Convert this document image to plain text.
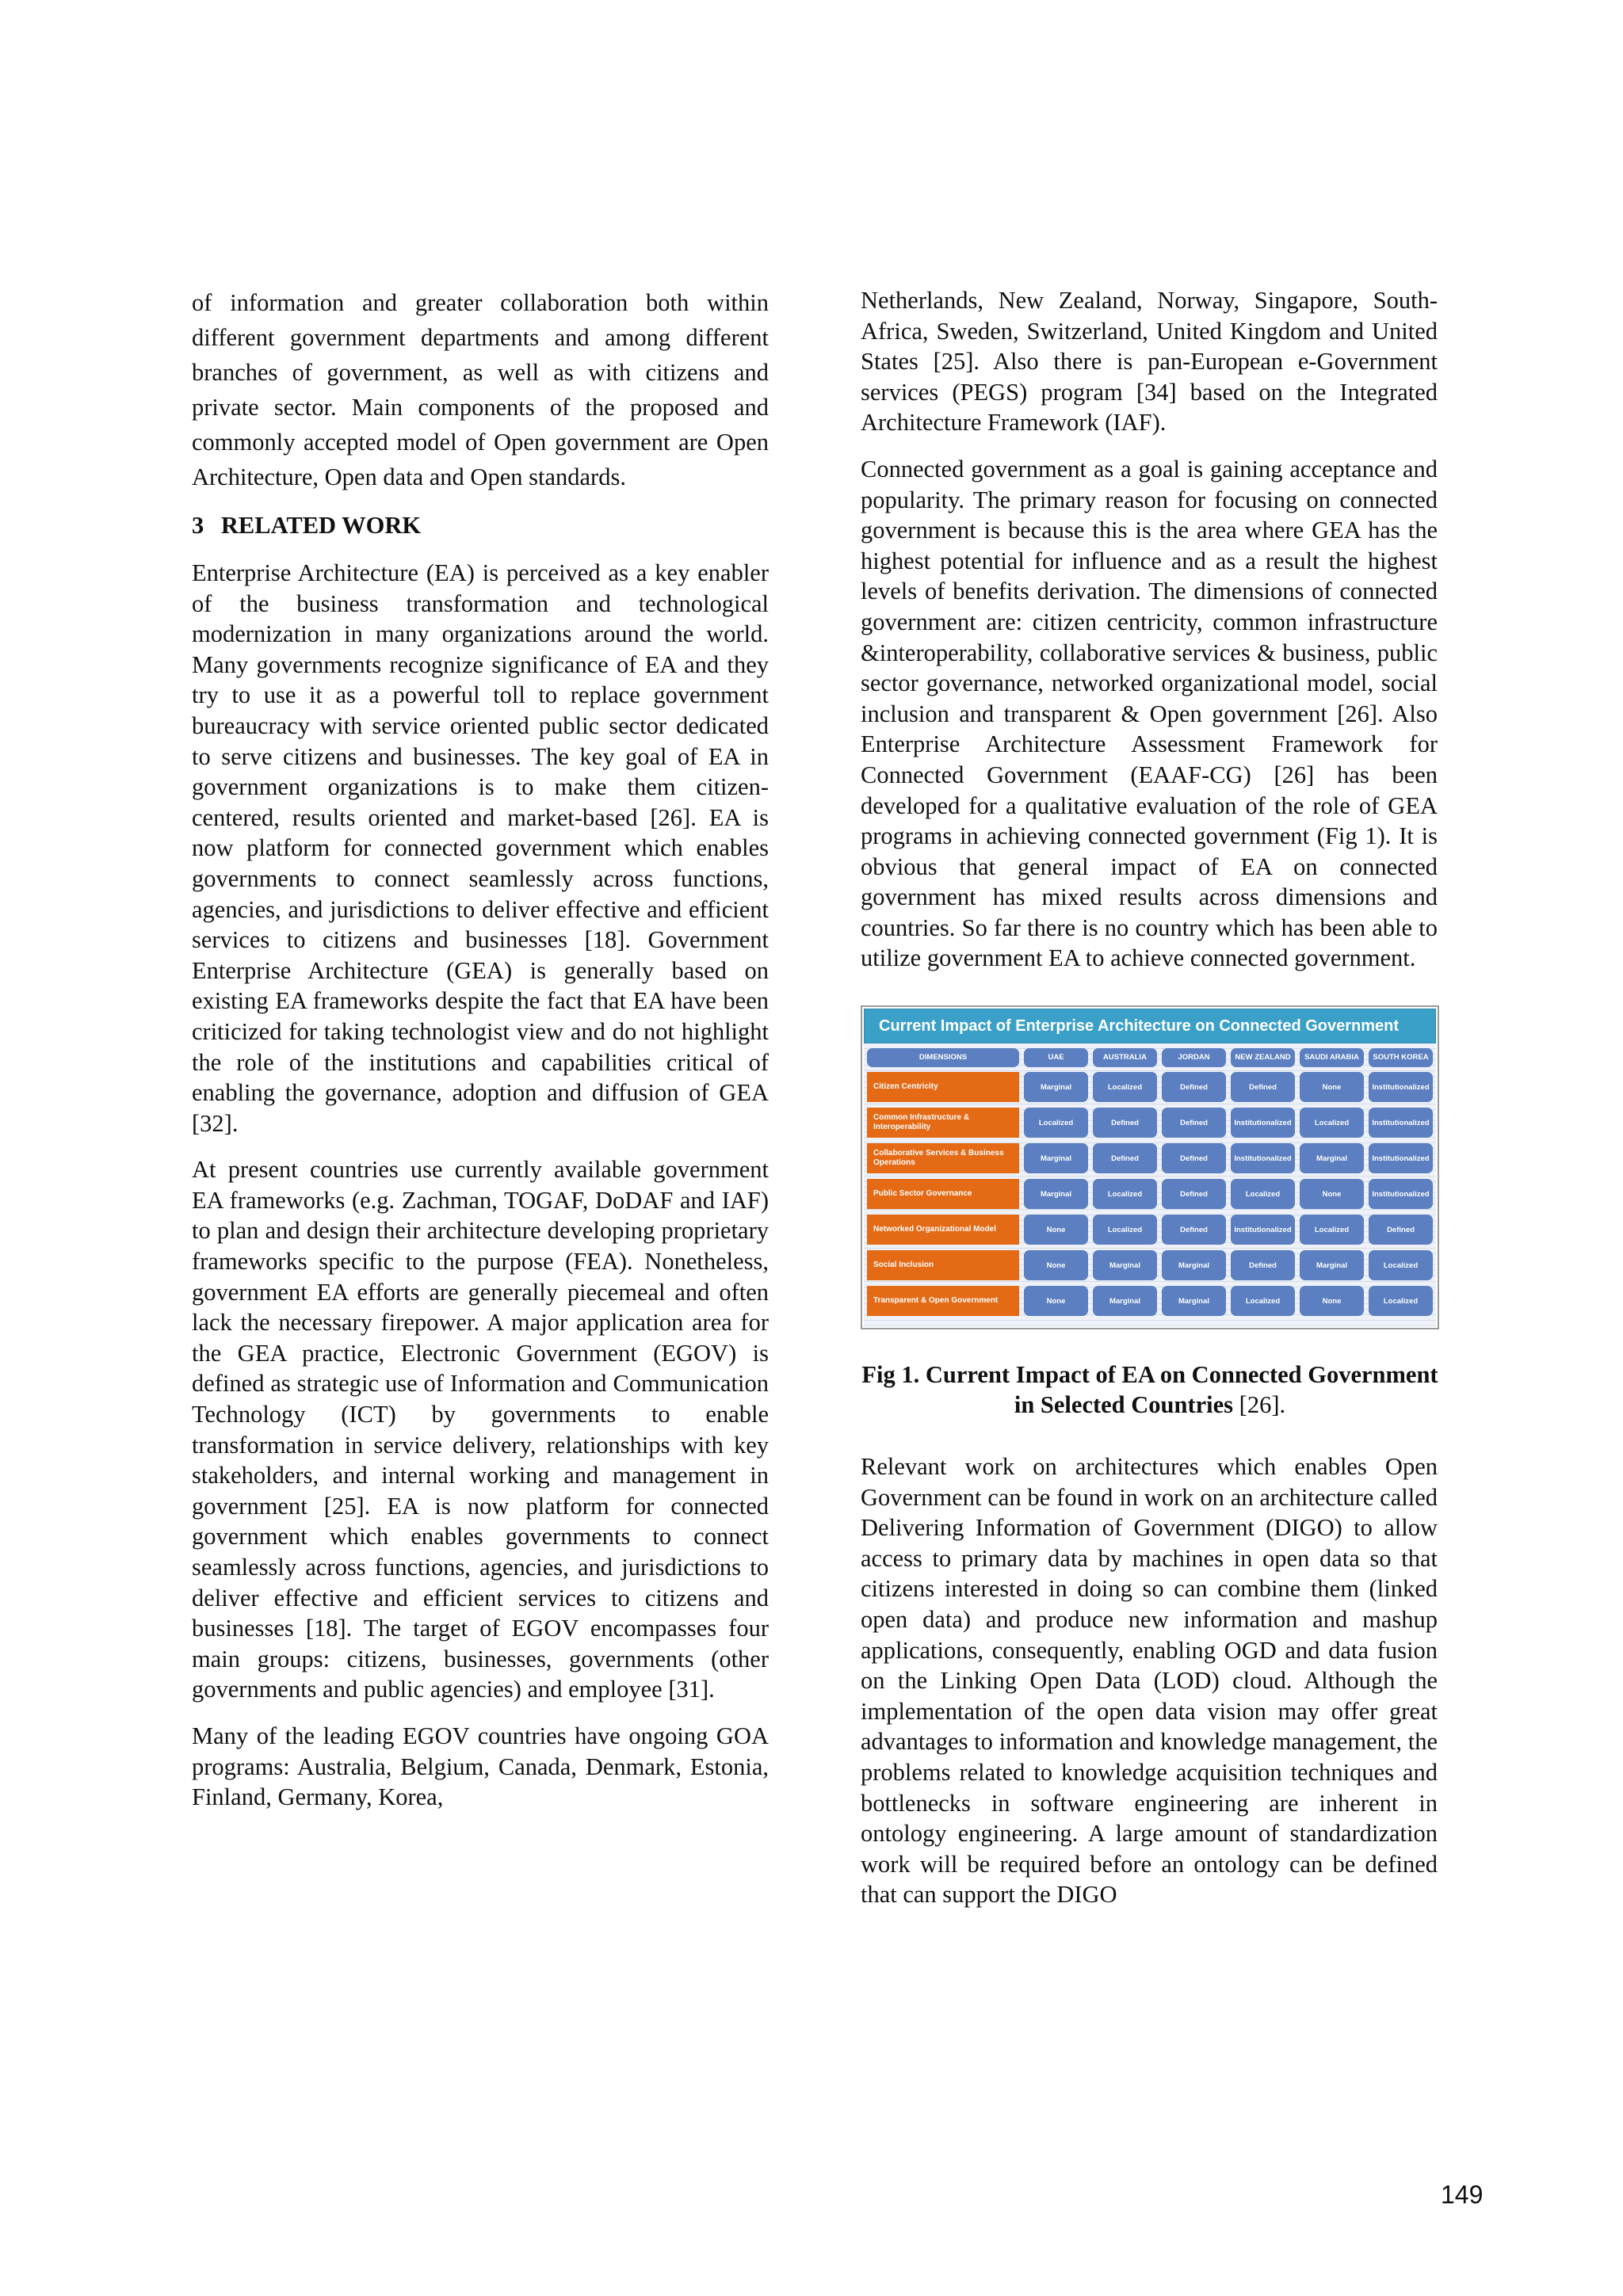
of information and greater collaboration both within different government departments and among different branches of government, as well as with citizens and private sector. Main components of the proposed and commonly accepted model of Open government are Open Architecture, Open data and Open standards.

3 RELATED WORK

Enterprise Architecture (EA) is perceived as a key enabler of the business transformation and technological modernization in many organizations around the world. Many governments recognize significance of EA and they try to use it as a powerful toll to replace government bureaucracy with service oriented public sector dedicated to serve citizens and businesses. The key goal of EA in government organizations is to make them citizen-centered, results oriented and market-based [26]. EA is now platform for connected government which enables governments to connect seamlessly across functions, agencies, and jurisdictions to deliver effective and efficient services to citizens and businesses [18]. Government Enterprise Architecture (GEA) is generally based on existing EA frameworks despite the fact that EA have been criticized for taking technologist view and do not highlight the role of the institutions and capabilities critical of enabling the governance, adoption and diffusion of GEA [32].

At present countries use currently available government EA frameworks (e.g. Zachman, TOGAF, DoDAF and IAF) to plan and design their architecture developing proprietary frameworks specific to the purpose (FEA). Nonetheless, government EA efforts are generally piecemeal and often lack the necessary firepower. A major application area for the GEA practice, Electronic Government (EGOV) is defined as strategic use of Information and Communication Technology (ICT) by governments to enable transformation in service delivery, relationships with key stakeholders, and internal working and management in government [25]. EA is now platform for connected government which enables governments to connect seamlessly across functions, agencies, and jurisdictions to deliver effective and efficient services to citizens and businesses [18]. The target of EGOV encompasses four main groups: citizens, businesses, governments (other governments and public agencies) and employee [31].

Many of the leading EGOV countries have ongoing GOA programs: Australia, Belgium, Canada, Denmark, Estonia, Finland, Germany, Korea,

Netherlands, New Zealand, Norway, Singapore, South-Africa, Sweden, Switzerland, United Kingdom and United States [25]. Also there is pan-European e-Government services (PEGS) program [34] based on the Integrated Architecture Framework (IAF).

Connected government as a goal is gaining acceptance and popularity. The primary reason for focusing on connected government is because this is the area where GEA has the highest potential for influence and as a result the highest levels of benefits derivation. The dimensions of connected government are: citizen centricity, common infrastructure &interoperability, collaborative services & business, public sector governance, networked organizational model, social inclusion and transparent & Open government [26]. Also Enterprise Architecture Assessment Framework for Connected Government (EAAF-CG) [26] has been developed for a qualitative evaluation of the role of GEA programs in achieving connected government (Fig 1). It is obvious that general impact of EA on connected government has mixed results across dimensions and countries. So far there is no country which has been able to utilize government EA to achieve connected government.

Current Impact of Enterprise Architecture on Connected Government
DIMENSIONS	UAE	AUSTRALIA	JORDAN	NEW ZEALAND	SAUDI ARABIA	SOUTH KOREA
Citizen Centricity	Marginal	Localized	Defined	Defined	None	Institutionalized
Common Infrastructure & Interoperability	Localized	Defined	Defined	Institutionalized	Localized	Institutionalized
Collaborative Services & Business Operations	Marginal	Defined	Defined	Institutionalized	Marginal	Institutionalized
Public Sector Governance	Marginal	Localized	Defined	Localized	None	Institutionalized
Networked Organizational Model	None	Localized	Defined	Institutionalized	Localized	Defined
Social Inclusion	None	Marginal	Marginal	Defined	Marginal	Localized
Transparent & Open Government	None	Marginal	Marginal	Localized	None	Localized
Fig 1. Current Impact of EA on Connected Government in Selected Countries [26].

Relevant work on architectures which enables Open Government can be found in work on an architecture called Delivering Information of Government (DIGO) to allow access to primary data by machines in open data so that citizens interested in doing so can combine them (linked open data) and produce new information and mashup applications, consequently, enabling OGD and data fusion on the Linking Open Data (LOD) cloud. Although the implementation of the open data vision may offer great advantages to information and knowledge management, the problems related to knowledge acquisition techniques and bottlenecks in software engineering are inherent in ontology engineering. A large amount of standardization work will be required before an ontology can be defined that can support the DIGO

149
